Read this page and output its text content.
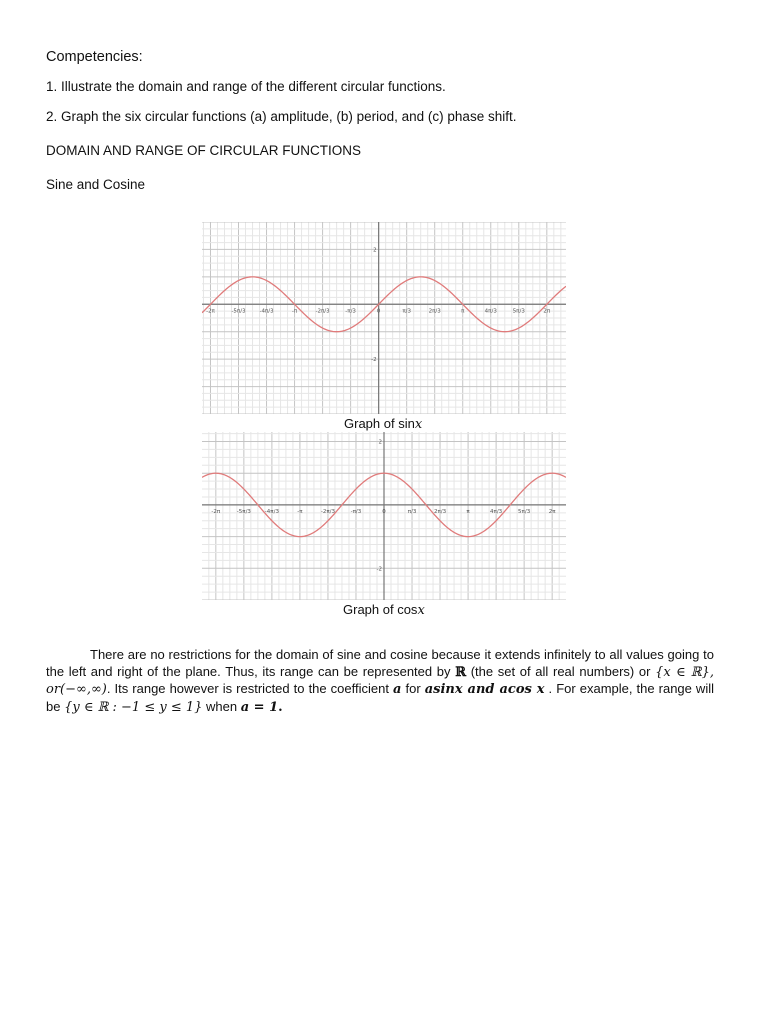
Competencies:
1. Illustrate the domain and range of the different circular functions.
2. Graph the six circular functions (a) amplitude, (b) period, and (c) phase shift.
DOMAIN AND RANGE OF CIRCULAR FUNCTIONS
Sine and Cosine
-2π	-5π/3	-4π/3	-π	-2π/3	-π/3	0	π/3	2π/3	π	4π/3	5π/3	2π
2
-2
Graph of sinx
-2π	-5π/3	-4π/3	-π	-2π/3	-π/3	0	π/3	2π/3	π	4π/3	5π/3	2π
2
-2
Graph of cosx

There are no restrictions for the domain of sine and cosine because it extends infinitely to all values going to the left and right of the plane. Thus, its range can be represented by ℝ (the set of all real numbers) or {x ∈ ℝ}, or(−∞,∞). Its range however is restricted to the coefficient a for asinx and acos x . For example, the range will be {y ∈ ℝ : −1 ≤ y ≤ 1} when a = 1.
